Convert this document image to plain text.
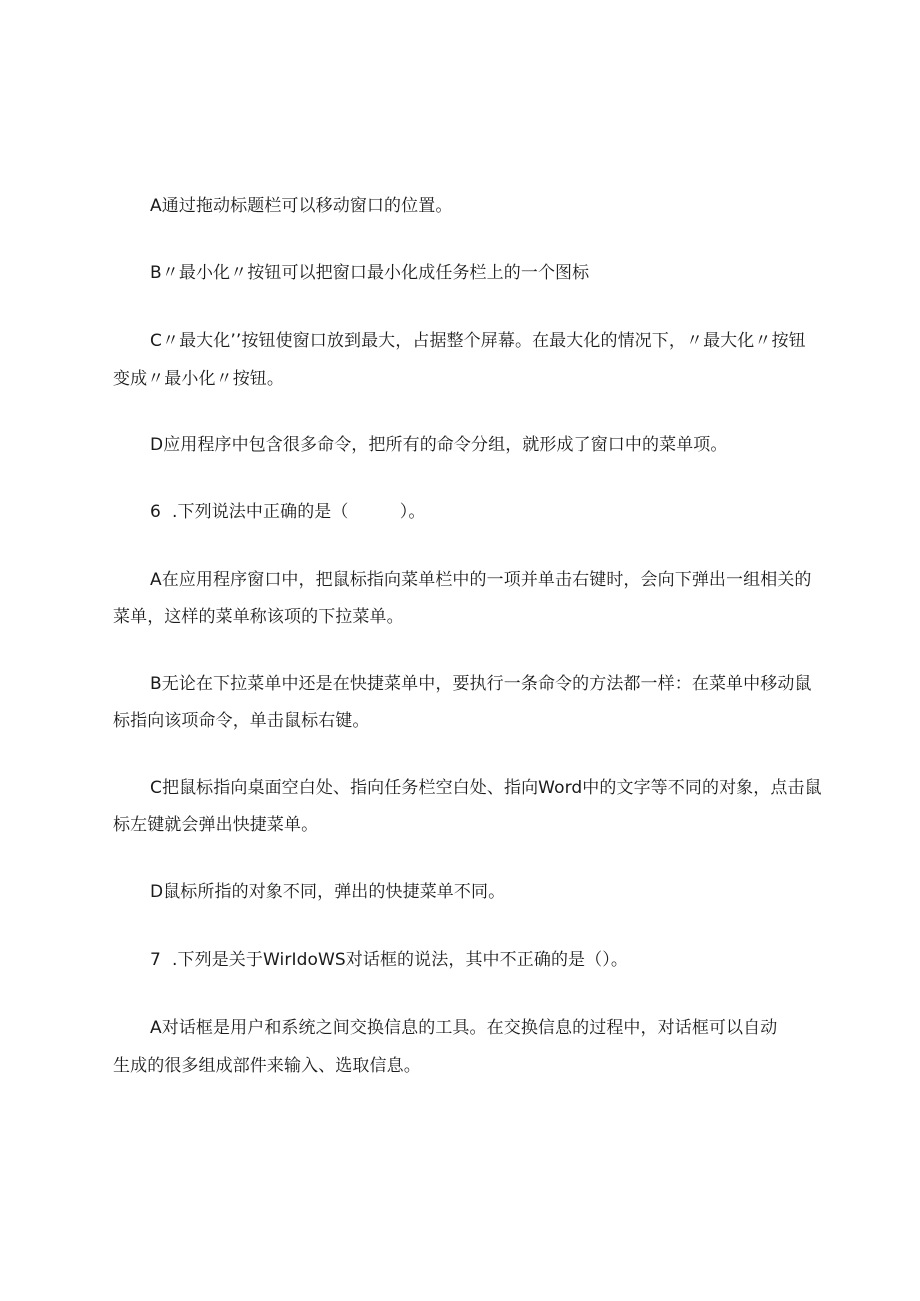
A通过拖动标题栏可以移动窗口的位置。
B〃最小化〃按钮可以把窗口最小化成任务栏上的一个图标
C〃最大化’’按钮使窗口放到最大，占据整个屏幕。在最大化的情况下，〃最大化〃按钮
变成〃最小化〃按钮。
D应用程序中包含很多命令，把所有的命令分组，就形成了窗口中的菜单项。
6 .下列说法中正确的是（　　　）。
A在应用程序窗口中，把鼠标指向菜单栏中的一项并单击右键时，会向下弹出一组相关的
菜单，这样的菜单称该项的下拉菜单。
B无论在下拉菜单中还是在快捷菜单中，要执行一条命令的方法都一样：在菜单中移动鼠
标指向该项命令，单击鼠标右键。
C把鼠标指向桌面空白处、指向任务栏空白处、指向Word中的文字等不同的对象，点击鼠
标左键就会弹出快捷菜单。
D鼠标所指的对象不同，弹出的快捷菜单不同。
7 .下列是关于WirIdoWS对话框的说法，其中不正确的是（）。
A对话框是用户和系统之间交换信息的工具。在交换信息的过程中，对话框可以自动
生成的很多组成部件来输入、选取信息。
